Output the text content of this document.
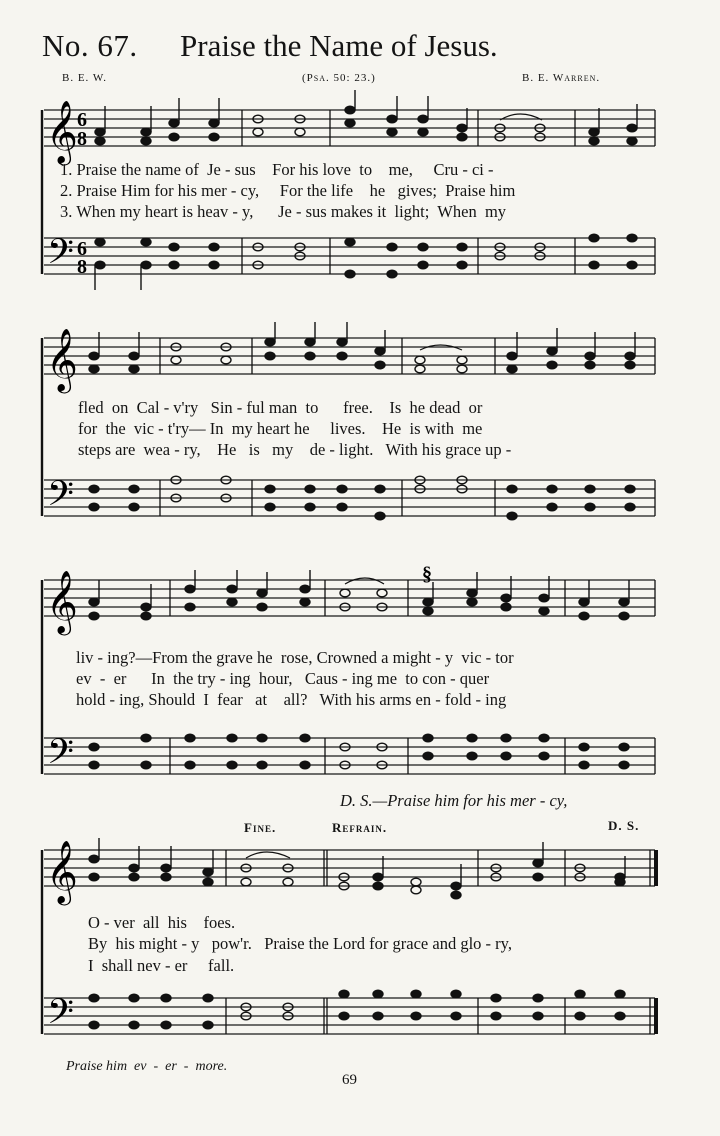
No. 67. Praise the Name of Jesus.
B. E. W.	(Psa. 50: 23.)	B. E. Warren.
𝄞
𝄢
6
8
6
8
1. Praise the name of  Je - sus    For his love  to    me,     Cru - ci -
2. Praise Him for his mer - cy,     For the life    he   gives;  Praise him
3. When my heart is heav - y,      Je - sus makes it  light;  When  my
𝄞
𝄢
fled  on  Cal - v'ry   Sin - ful man  to      free.    Is  he dead  or
for  the  vic - t'ry— In  my heart he     lives.    He  is with  me
steps are  wea - ry,    He   is   my    de - light.   With his grace up -
𝄞
𝄢
§
liv - ing?—From the grave he  rose, Crowned a might - y  vic - tor
ev  -  er      In  the try - ing  hour,   Caus - ing me  to con - quer
hold - ing, Should  I  fear   at    all?   With his arms en - fold - ing
D. S.—Praise him for his mer - cy,
Fine.	Refrain.	D. S.
𝄞
𝄢
O - ver  all  his    foes.
By  his might - y   pow'r.   Praise the Lord for grace and glo - ry,
I  shall nev - er     fall.
Praise him  ev  -  er  -  more.
69
